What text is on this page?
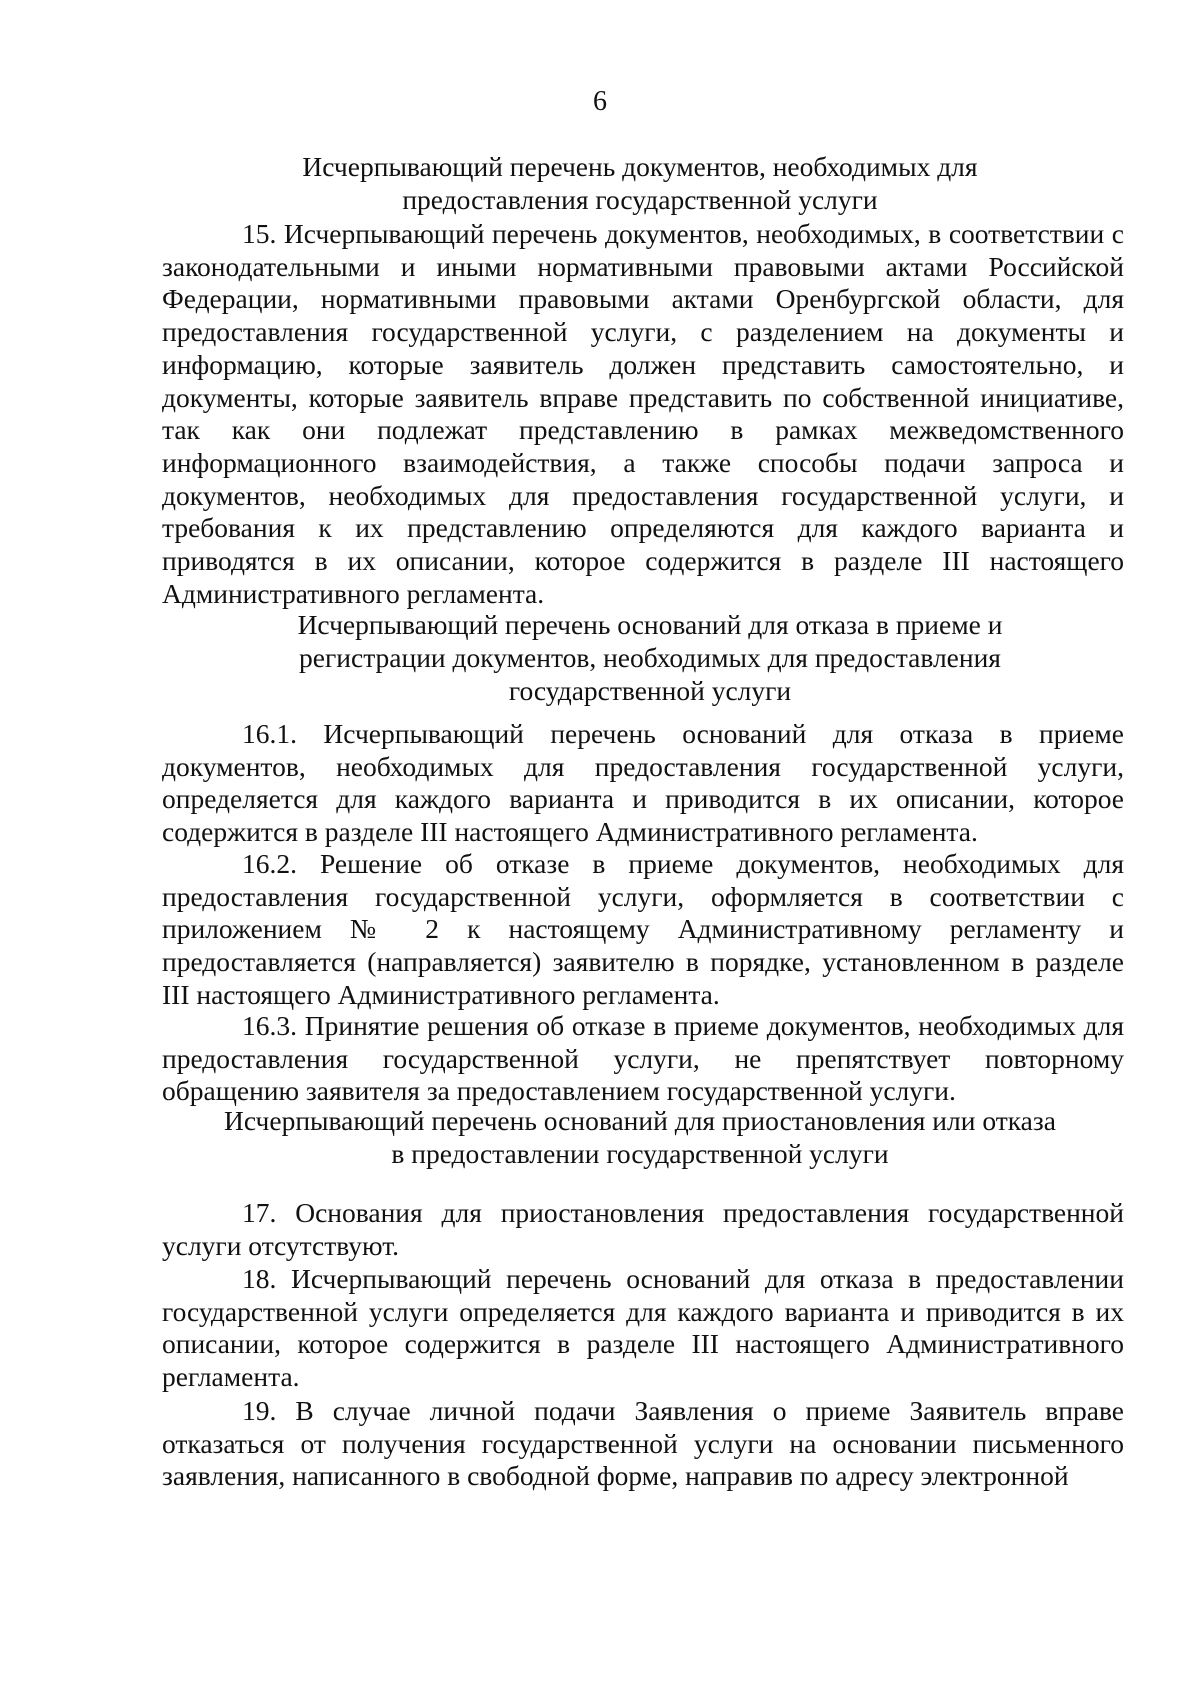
6
Исчерпывающий перечень документов, необходимых для
предоставления государственной услуги

15. Исчерпывающий перечень документов, необходимых, в соответствии с законодательными и иными нормативными правовыми актами Российской Федерации, нормативными правовыми актами Оренбургской области, для предоставления государственной услуги, с разделением на документы и информацию, которые заявитель должен представить самостоятельно, и документы, которые заявитель вправе представить по собственной инициативе, так как они подлежат представлению в рамках межведомственного информационного взаимодействия, а также способы подачи запроса и документов, необходимых для предоставления государственной услуги, и требования к их представлению определяются для каждого варианта и приводятся в их описании, которое содержится в разделе III настоящего Административного регламента.

Исчерпывающий перечень оснований для отказа в приеме и
регистрации документов, необходимых для предоставления
государственной услуги

16.1. Исчерпывающий перечень оснований для отказа в приеме документов, необходимых для предоставления государственной услуги, определяется для каждого варианта и приводится в их описании, которое содержится в разделе III настоящего Административного регламента.

16.2. Решение об отказе в приеме документов, необходимых для предоставления государственной услуги, оформляется в соответствии с приложением № 2 к настоящему Административному регламенту и предоставляется (направляется) заявителю в порядке, установленном в разделе III настоящего Административного регламента.

16.3. Принятие решения об отказе в приеме документов, необходимых для предоставления государственной услуги, не препятствует повторному обращению заявителя за предоставлением государственной услуги.

Исчерпывающий перечень оснований для приостановления или отказа
в предоставлении государственной услуги

17. Основания для приостановления предоставления государственной услуги отсутствуют.

18. Исчерпывающий перечень оснований для отказа в предоставлении государственной услуги определяется для каждого варианта и приводится в их описании, которое содержится в разделе III настоящего Административного регламента.

19. В случае личной подачи Заявления о приеме Заявитель вправе отказаться от получения государственной услуги на основании письменного заявления, написанного в свободной форме, направив по адресу электронной
